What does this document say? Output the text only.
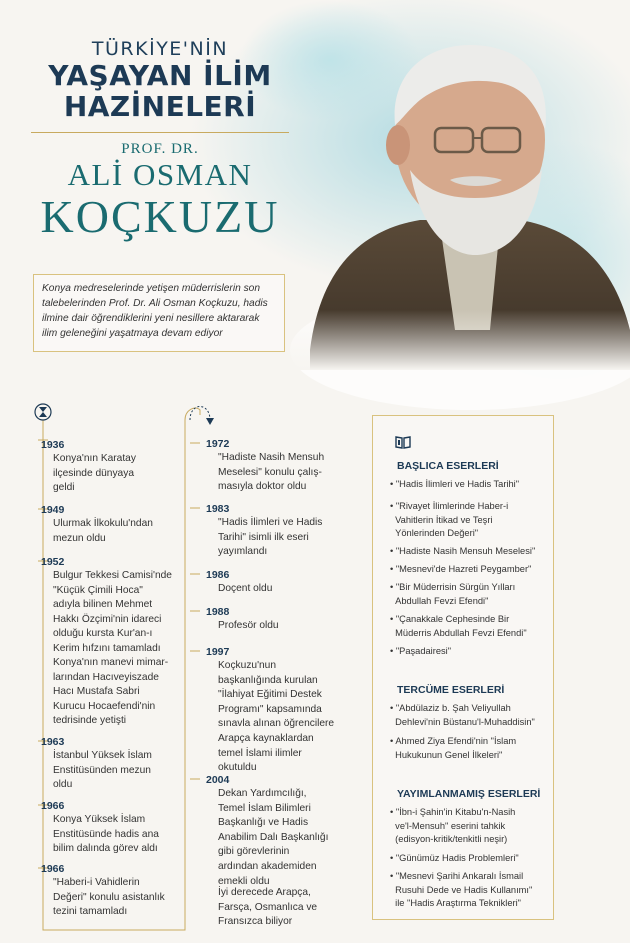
TÜRKİYE'NİN
YAŞAYAN İLİM
HAZİNELERİ
PROF. DR.
ALİ OSMAN
KOÇKUZU
Konya medreselerinde yetişen müderrislerin son talebelerinden Prof. Dr. Ali Osman Koçkuzu, hadis ilmine dair öğrendiklerini yeni nesillere aktararak ilim geleneğini yaşatmaya devam ediyor
1936
Konya'nın Karatay
ilçesinde dünyaya
geldi
1949
Ulurmak İlkokulu'ndan
mezun oldu
1952
Bulgur Tekkesi Camisi'nde
"Küçük Çimili Hoca"
adıyla bilinen Mehmet
Hakkı Özçimi'nin idareci
olduğu kursta Kur'an-ı
Kerim hıfzını tamamladı
Konya'nın manevi mimar-
larından Hacıveyiszade
Hacı Mustafa Sabri
Kurucu Hocaefendi'nin
tedrisinde yetişti
1963
İstanbul Yüksek İslam
Enstitüsünden mezun
oldu
1966
Konya Yüksek İslam
Enstitüsünde hadis ana
bilim dalında görev aldı
1966
"Haberi-i Vahidlerin
Değeri" konulu asistanlık
tezini tamamladı
1972
"Hadiste Nasih Mensuh
Meselesi" konulu çalış-
masıyla doktor oldu
1983
"Hadis İlimleri ve Hadis
Tarihi" isimli ilk eseri
yayımlandı
1986
Doçent oldu
1988
Profesör oldu
1997
Koçkuzu'nun
başkanlığında kurulan
"İlahiyat Eğitimi Destek
Programı" kapsamında
sınavla alınan öğrencilere
Arapça kaynaklardan
temel İslami ilimler
okutuldu
2004
Dekan Yardımcılığı,
Temel İslam Bilimleri
Başkanlığı ve Hadis
Anabilim Dalı Başkanlığı
gibi görevlerinin
ardından akademiden
emekli oldu
İyi derecede Arapça,
Farsça, Osmanlıca ve
Fransızca biliyor
BAŞLICA ESERLERİ
• "Hadis İlimleri ve Hadis Tarihi"
• "Rivayet İlimlerinde Haber-i
Vahitlerin İtikad ve Teşri
Yönlerinden Değeri"
• "Hadiste Nasih Mensuh Meselesi"
• "Mesnevi'de Hazreti Peygamber"
• "Bir Müderrisin Sürgün Yılları
Abdullah Fevzi Efendi"
• "Çanakkale Cephesinde Bir
Müderris Abdullah Fevzi Efendi"
• "Paşadairesi"
TERCÜME ESERLERİ
• "Abdülaziz b. Şah Veliyullah
Dehlevi'nin Büstanu'l-Muhaddisin"
• Ahmed Ziya Efendi'nin "İslam
Hukukunun Genel İlkeleri"
YAYIMLANMAMIŞ ESERLERİ
• "İbn-i Şahin'in Kitabu'n-Nasih
ve'l-Mensuh" eserini tahkik
(edisyon-kritik/tenkitli neşir)
• "Günümüz Hadis Problemleri"
• "Mesnevi Şarihi Ankaralı İsmail
Rusuhi Dede ve Hadis Kullanımı"
ile "Hadis Araştırma Teknikleri"
